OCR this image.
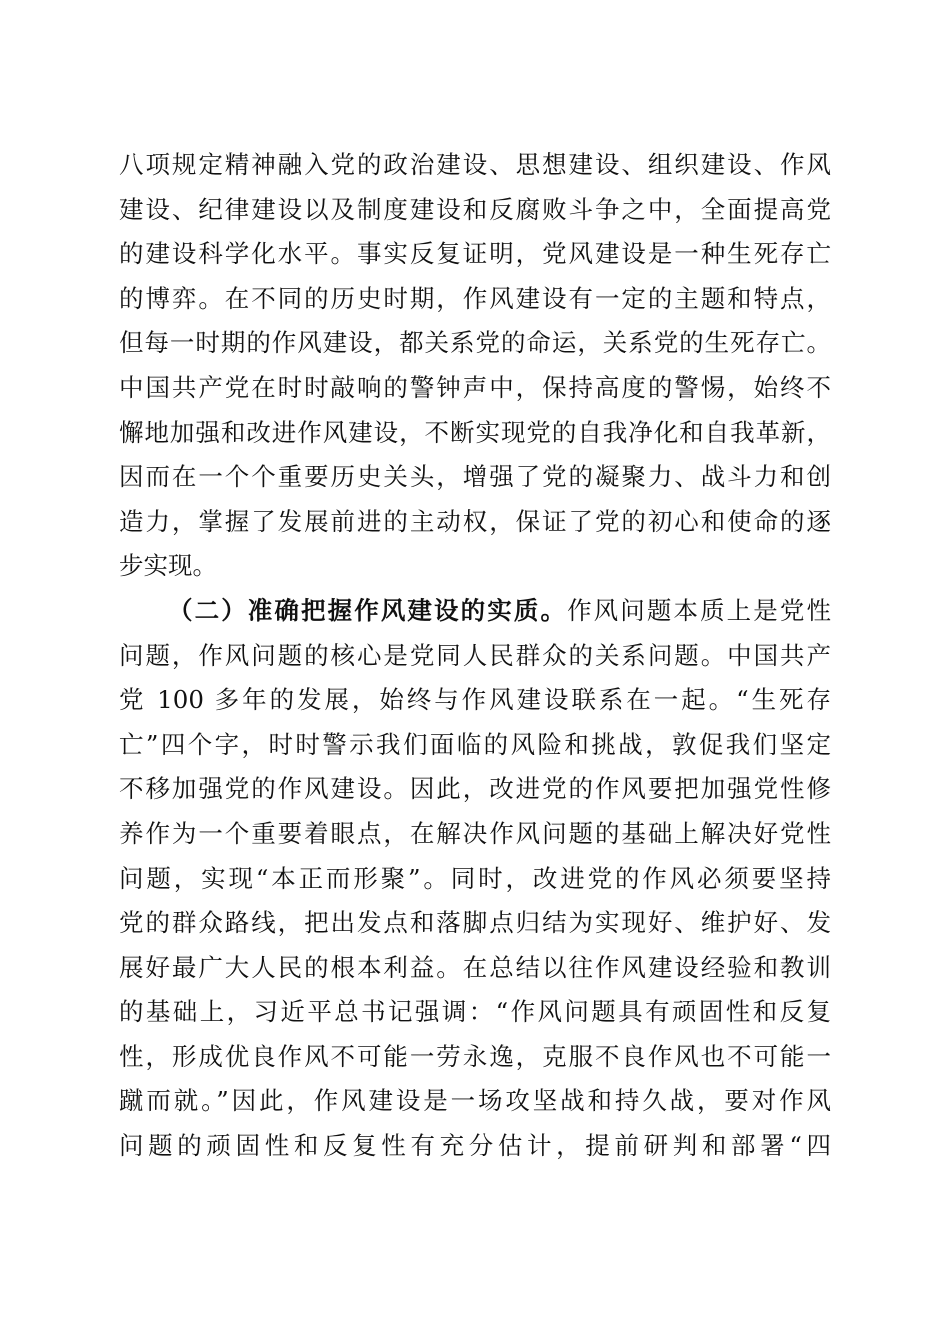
八项规定精神融入党的政治建设、思想建设、组织建设、作风
建设、纪律建设以及制度建设和反腐败斗争之中，全面提高党
的建设科学化水平。事实反复证明，党风建设是一种生死存亡
的博弈。在不同的历史时期，作风建设有一定的主题和特点，
但每一时期的作风建设，都关系党的命运，关系党的生死存亡。
中国共产党在时时敲响的警钟声中，保持高度的警惕，始终不
懈地加强和改进作风建设，不断实现党的自我净化和自我革新，
因而在一个个重要历史关头，增强了党的凝聚力、战斗力和创
造力，掌握了发展前进的主动权，保证了党的初心和使命的逐
步实现。
（二）准确把握作风建设的实质。作风问题本质上是党性
问题，作风问题的核心是党同人民群众的关系问题。中国共产
党 100 多年的发展，始终与作风建设联系在一起。“生死存
亡”四个字，时时警示我们面临的风险和挑战，敦促我们坚定
不移加强党的作风建设。因此，改进党的作风要把加强党性修
养作为一个重要着眼点，在解决作风问题的基础上解决好党性
问题，实现“本正而形聚”。同时，改进党的作风必须要坚持
党的群众路线，把出发点和落脚点归结为实现好、维护好、发
展好最广大人民的根本利益。在总结以往作风建设经验和教训
的基础上，习近平总书记强调：“作风问题具有顽固性和反复
性，形成优良作风不可能一劳永逸，克服不良作风也不可能一
蹴而就。”因此，作风建设是一场攻坚战和持久战，要对作风
问题的顽固性和反复性有充分估计，提前研判和部署“四
